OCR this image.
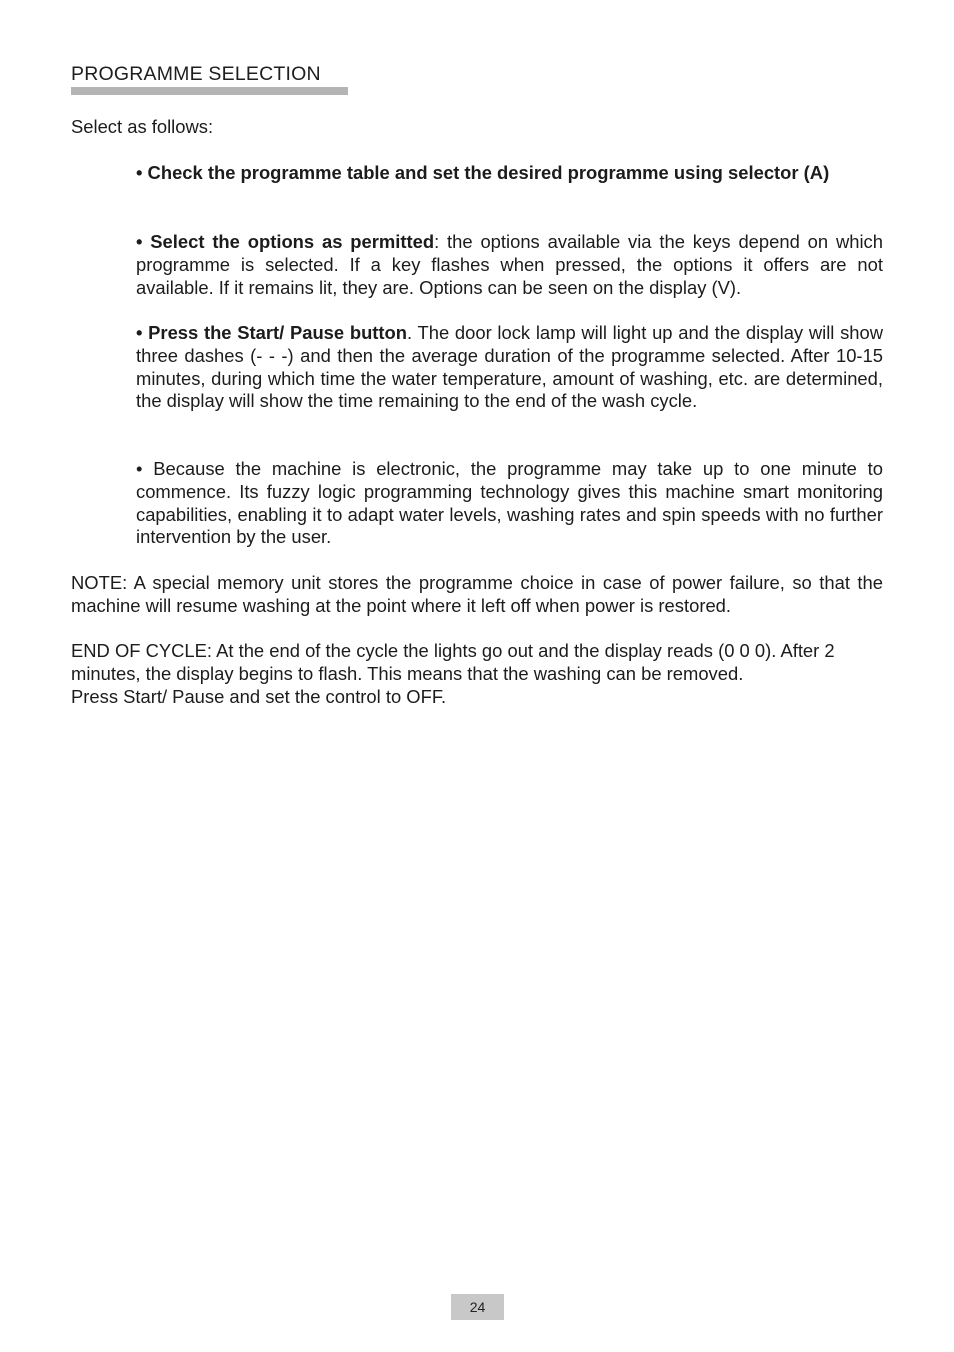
PROGRAMME SELECTION
Select as follows:
• Check the programme table and set the desired programme using selector (A)
• Select the options as permitted: the options available via the keys depend on which programme is selected. If a key flashes when pressed, the options it offers are not available. If it remains lit, they are. Options can be seen on the display (V).
• Press the Start/ Pause button. The door lock lamp will light up and the display will show three dashes (- - -) and then the average duration of the programme selected. After 10-15 minutes, during which time the water temperature, amount of washing, etc. are determined, the display will show the time remaining to the end of the wash cycle.
• Because the machine is electronic, the programme may take up to one minute to commence. Its fuzzy logic programming technology gives this machine smart monitoring capabilities, enabling it to adapt water levels, washing rates and spin speeds with no further intervention by the user.
NOTE: A special memory unit stores the programme choice in case of power failure, so that the machine will resume washing at the point where it left off when power is restored.
END OF CYCLE: At the end of the cycle the lights go out and the display reads (0 0 0). After 2 minutes, the display begins to flash. This means that the washing can be removed.
Press Start/ Pause and set the control to OFF.
24
